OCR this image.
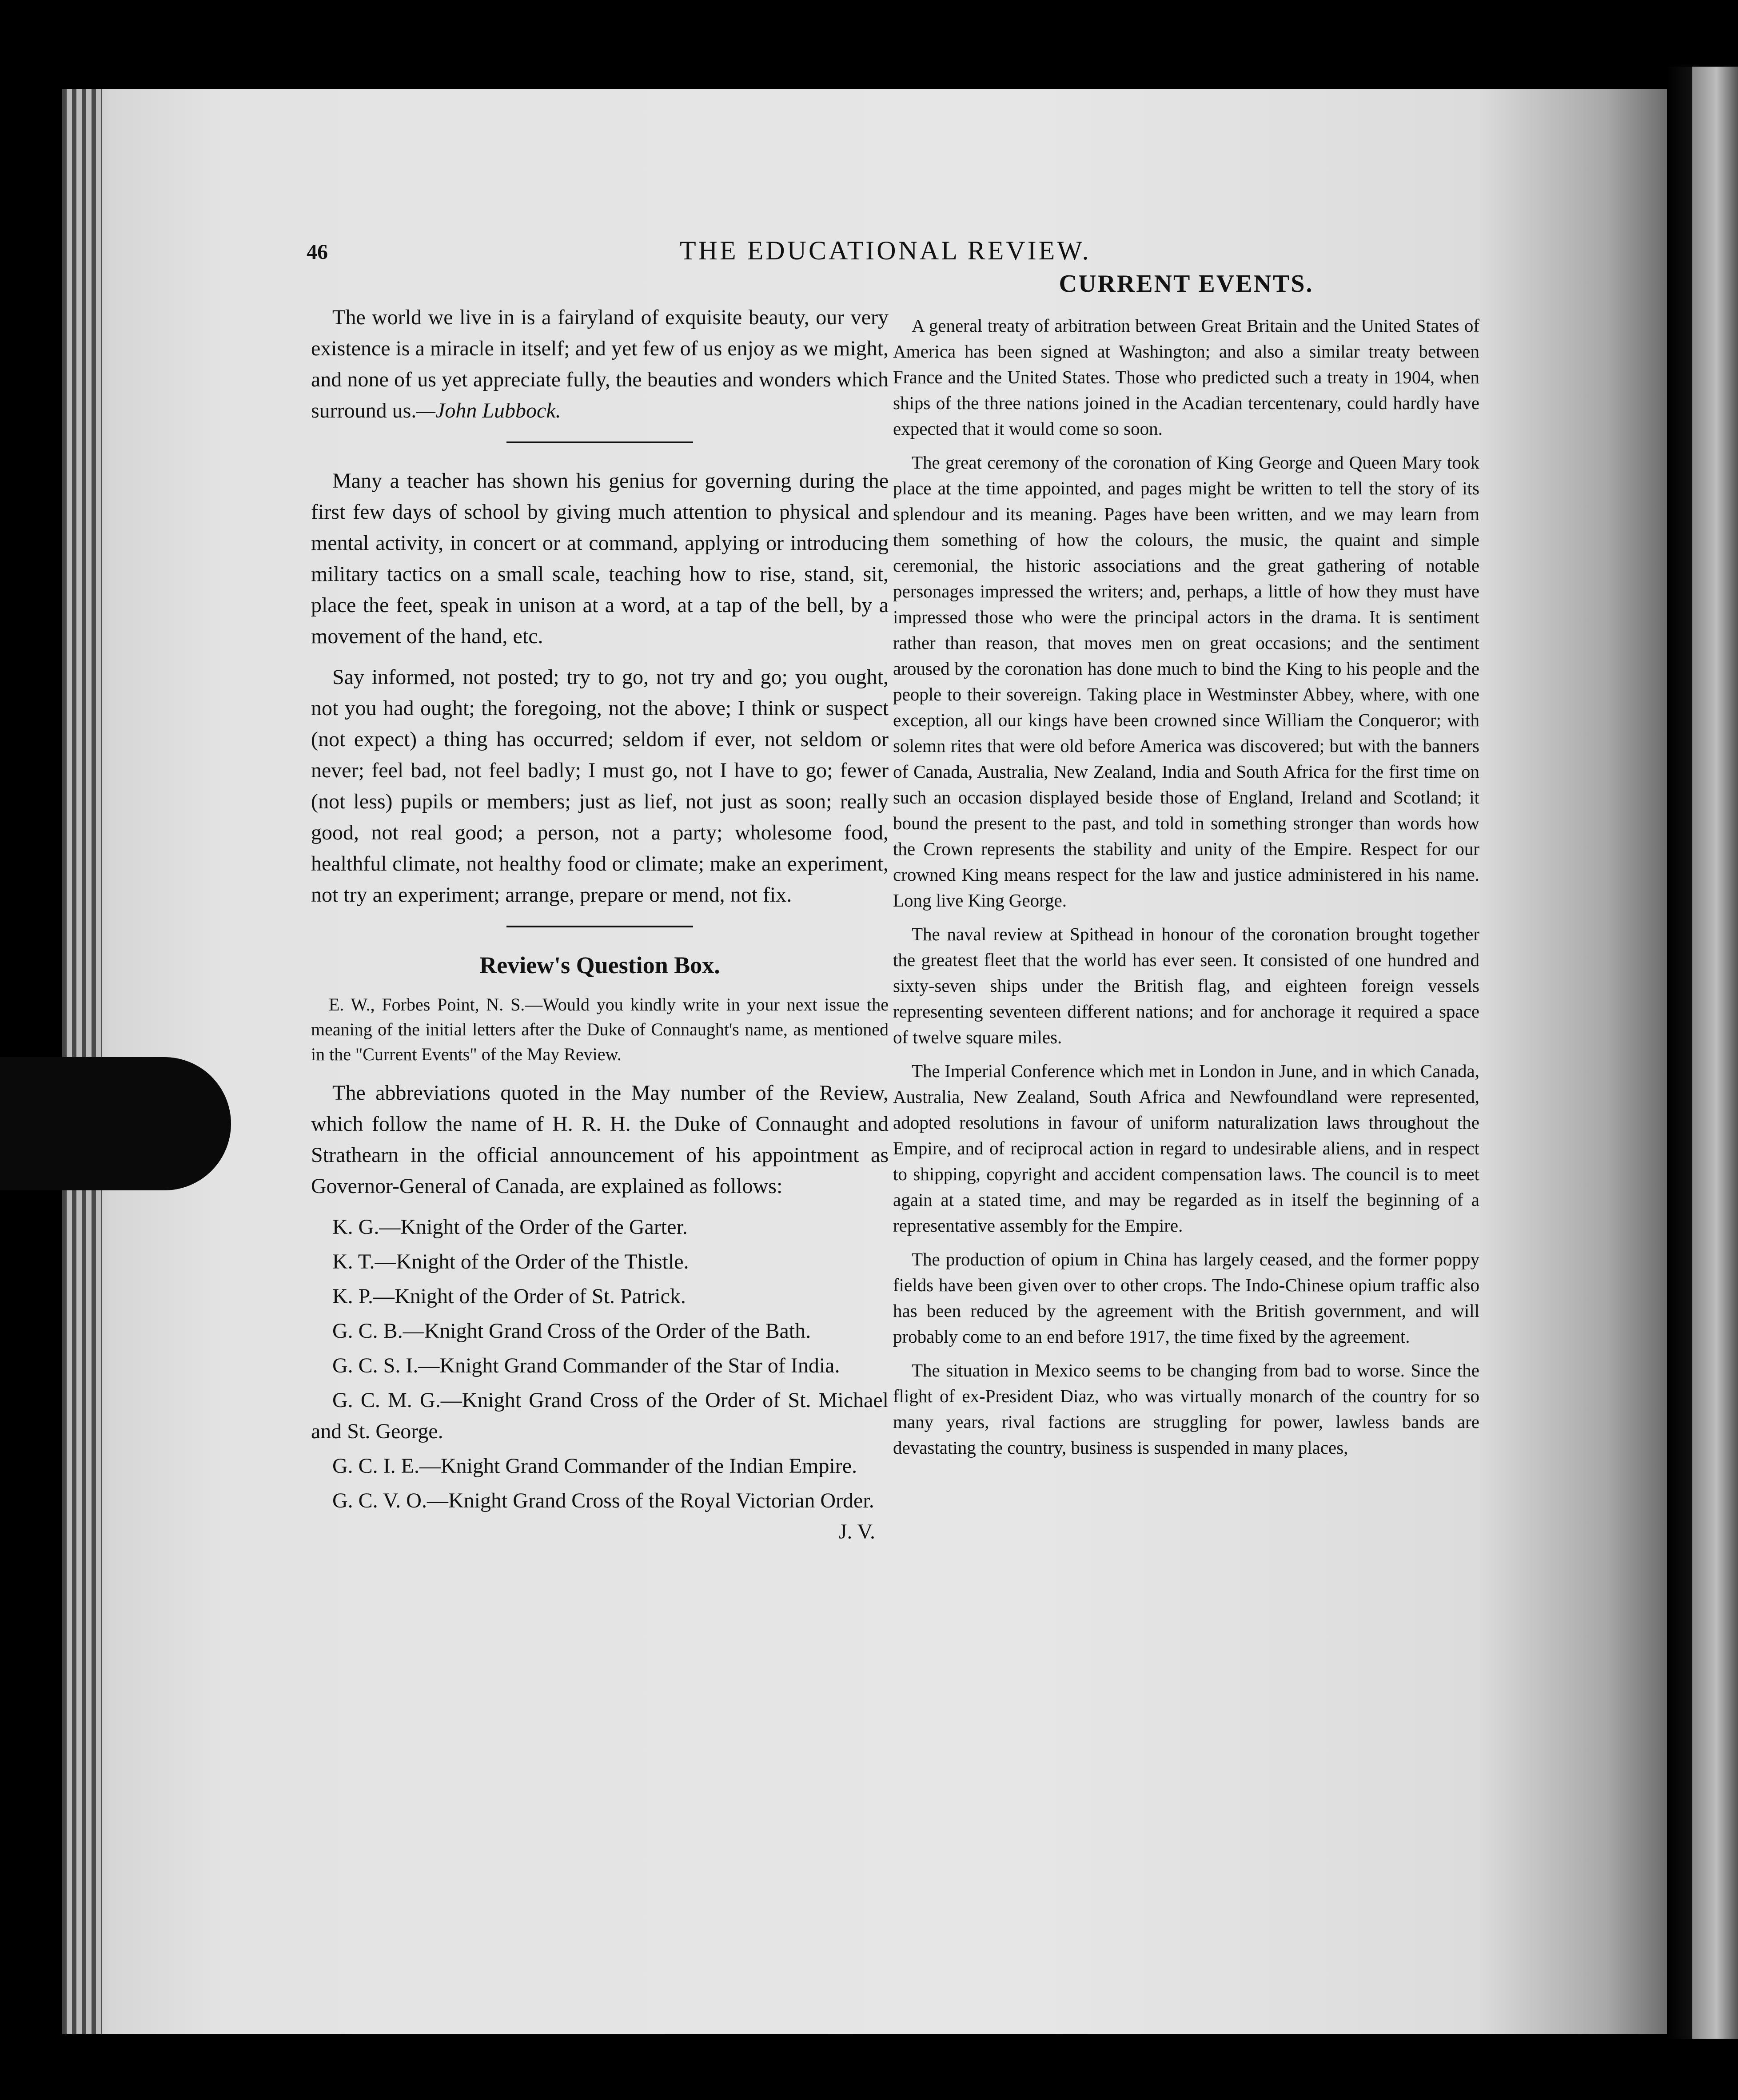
46	THE EDUCATIONAL REVIEW.

The world we live in is a fairyland of exquisite beauty, our very existence is a miracle in itself; and yet few of us enjoy as we might, and none of us yet appreciate fully, the beauties and wonders which surround us.—John Lubbock.

Many a teacher has shown his genius for governing during the first few days of school by giving much attention to physical and mental activity, in concert or at command, applying or introducing military tactics on a small scale, teaching how to rise, stand, sit, place the feet, speak in unison at a word, at a tap of the bell, by a movement of the hand, etc.

Say informed, not posted; try to go, not try and go; you ought, not you had ought; the foregoing, not the above; I think or suspect (not expect) a thing has occurred; seldom if ever, not seldom or never; feel bad, not feel badly; I must go, not I have to go; fewer (not less) pupils or members; just as lief, not just as soon; really good, not real good; a person, not a party; wholesome food, healthful climate, not healthy food or climate; make an experiment, not try an experiment; arrange, prepare or mend, not fix.

Review's Question Box.
E. W., Forbes Point, N. S.—Would you kindly write in your next issue the meaning of the initial letters after the Duke of Connaught's name, as mentioned in the "Current Events" of the May Review.

The abbreviations quoted in the May number of the Review, which follow the name of H. R. H. the Duke of Connaught and Strathearn in the official announcement of his appointment as Governor-General of Canada, are explained as follows:

K. G.—Knight of the Order of the Garter.
K. T.—Knight of the Order of the Thistle.
K. P.—Knight of the Order of St. Patrick.
G. C. B.—Knight Grand Cross of the Order of the Bath.
G. C. S. I.—Knight Grand Commander of the Star of India.
G. C. M. G.—Knight Grand Cross of the Order of St. Michael and St. George.
G. C. I. E.—Knight Grand Commander of the Indian Empire.
G. C. V. O.—Knight Grand Cross of the Royal Victorian Order.
J. V.
CURRENT EVENTS.

A general treaty of arbitration between Great Britain and the United States of America has been signed at Washington; and also a similar treaty between France and the United States. Those who predicted such a treaty in 1904, when ships of the three nations joined in the Acadian tercentenary, could hardly have expected that it would come so soon.

The great ceremony of the coronation of King George and Queen Mary took place at the time appointed, and pages might be written to tell the story of its splendour and its meaning. Pages have been written, and we may learn from them something of how the colours, the music, the quaint and simple ceremonial, the historic associations and the great gathering of notable personages impressed the writers; and, perhaps, a little of how they must have impressed those who were the principal actors in the drama. It is sentiment rather than reason, that moves men on great occasions; and the sentiment aroused by the coronation has done much to bind the King to his people and the people to their sovereign. Taking place in Westminster Abbey, where, with one exception, all our kings have been crowned since William the Conqueror; with solemn rites that were old before America was discovered; but with the banners of Canada, Australia, New Zealand, India and South Africa for the first time on such an occasion displayed beside those of England, Ireland and Scotland; it bound the present to the past, and told in something stronger than words how the Crown represents the stability and unity of the Empire. Respect for our crowned King means respect for the law and justice administered in his name. Long live King George.

The naval review at Spithead in honour of the coronation brought together the greatest fleet that the world has ever seen. It consisted of one hundred and sixty-seven ships under the British flag, and eighteen foreign vessels representing seventeen different nations; and for anchorage it required a space of twelve square miles.

The Imperial Conference which met in London in June, and in which Canada, Australia, New Zealand, South Africa and Newfoundland were represented, adopted resolutions in favour of uniform naturalization laws throughout the Empire, and of reciprocal action in regard to undesirable aliens, and in respect to shipping, copyright and accident compensation laws. The council is to meet again at a stated time, and may be regarded as in itself the beginning of a representative assembly for the Empire.

The production of opium in China has largely ceased, and the former poppy fields have been given over to other crops. The Indo-Chinese opium traffic also has been reduced by the agreement with the British government, and will probably come to an end before 1917, the time fixed by the agreement.

The situation in Mexico seems to be changing from bad to worse. Since the flight of ex-President Diaz, who was virtually monarch of the country for so many years, rival factions are struggling for power, lawless bands are devastating the country, business is suspended in many places,
